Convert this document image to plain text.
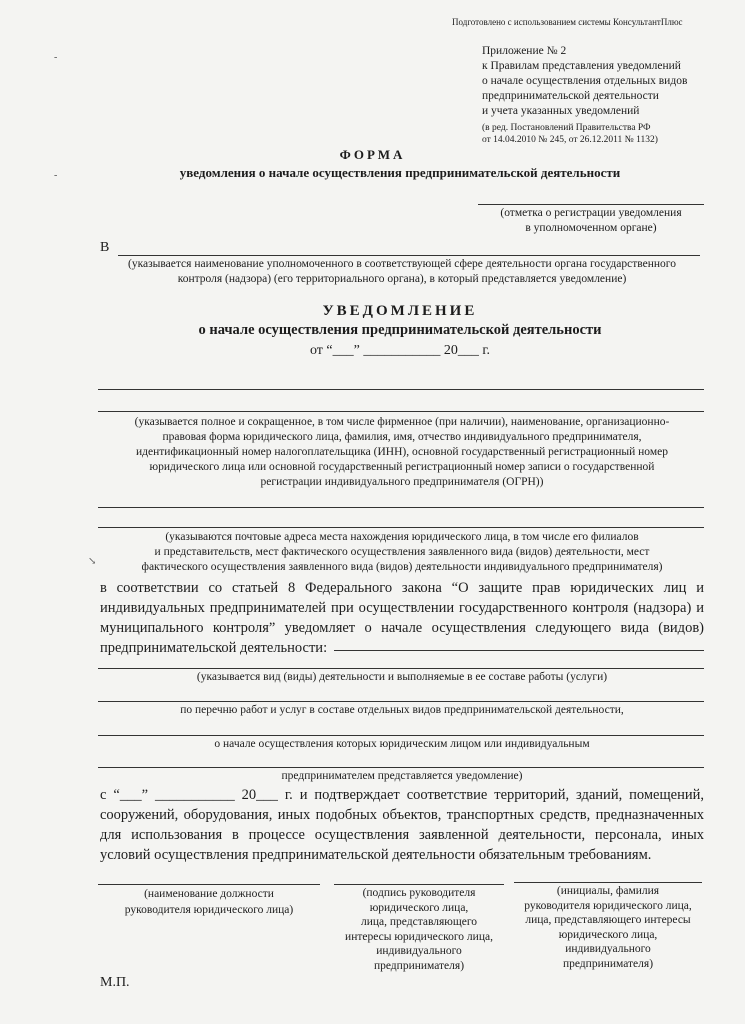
Подготовлено с использованием системы КонсультантПлюс
Приложение № 2
к Правилам представления уведомлений
о начале осуществления отдельных видов
предпринимательской деятельности
и учета указанных уведомлений
(в ред. Постановлений Правительства РФ
от 14.04.2010 № 245, от 26.12.2011 № 1132)
ФОРМА
уведомления о начале осуществления предпринимательской деятельности
(отметка о регистрации уведомления
в уполномоченном органе)
В
(указывается наименование уполномоченного в соответствующей сфере деятельности органа государственного
контроля (надзора) (его территориального органа), в который представляется уведомление)
УВЕДОМЛЕНИЕ
о начале осуществления предпринимательской деятельности
от “___” ___________ 20___ г.
(указывается полное и сокращенное, в том числе фирменное (при наличии), наименование, организационно-
правовая форма юридического лица, фамилия, имя, отчество индивидуального предпринимателя,
идентификационный номер налогоплательщика (ИНН), основной государственный регистрационный номер
юридического лица или основной государственный регистрационный номер записи о государственной
регистрации индивидуального предпринимателя (ОГРН))
(указываются почтовые адреса места нахождения юридического лица, в том числе его филиалов
и представительств, мест фактического осуществления заявленного вида (видов) деятельности, мест
фактического осуществления заявленного вида (видов) деятельности индивидуального предпринимателя)
в соответствии со статьей 8 Федерального закона “О защите прав юридических лиц и
индивидуальных предпринимателей при осуществлении государственного контроля (надзора) и
муниципального контроля” уведомляет о начале осуществления следующего вида (видов)
предпринимательской деятельности:
(указывается вид (виды) деятельности и выполняемые в ее составе работы (услуги)
по перечню работ и услуг в составе отдельных видов предпринимательской деятельности,
о начале осуществления которых юридическим лицом или индивидуальным
предпринимателем представляется уведомление)
с “___” ___________ 20___ г. и подтверждает соответствие территорий, зданий, помещений,
сооружений, оборудования, иных подобных объектов, транспортных средств, предназначенных
для использования в процессе осуществления заявленной деятельности, персонала, иных
условий осуществления предпринимательской деятельности обязательным требованиям.
(наименование должности
руководителя юридического лица)
(подпись руководителя
юридического лица,
лица, представляющего
интересы юридического лица,
индивидуального
предпринимателя)
(инициалы, фамилия
руководителя юридического лица,
лица, представляющего интересы
юридического лица,
индивидуального
предпринимателя)
М.П.
‑
‑
↘
